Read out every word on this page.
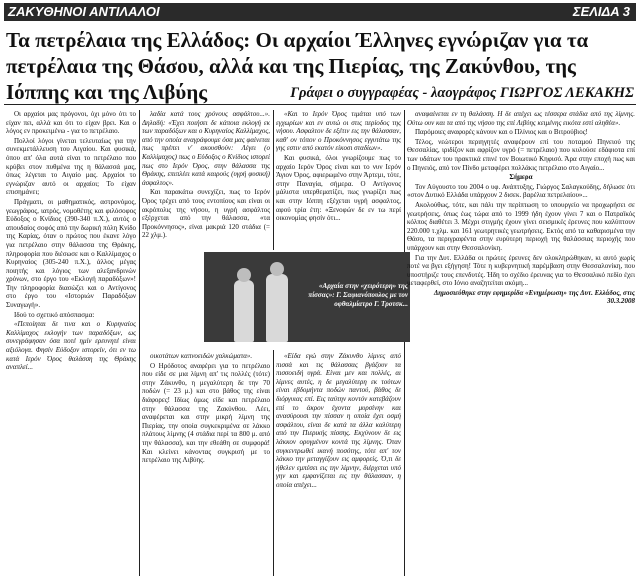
ΖΑΚΥΘΗΝΟΙ ΑΝΤΙΛΑΛΟΙ	ΣΕΛΙΔΑ 3
Τα πετρέλαια της Ελλάδος: Οι αρχαίοι Έλληνες εγνώριζαν για τα πετρέλαια της Θάσου, αλλά και της Πιερίας, της Ζακύνθου, της Ιόππης και της Λιβύης	Γράφει ο συγγραφέας - λαογράφος ΓΙΩΡΓΟΣ ΛΕΚΑΚΗΣ

Οι αρχαίοι μας πρόγονοι, όχι μόνο ότι το είχαν πει, αλλά και ότι το είχαν βρει. Και ο λόγος εν προκειμένω - για το πετρέλαιο.

Πολλοί λόγοι γίνεται τελευταίως για την συνεκμετάλλευση του Αιγαίου. Και φυσικά, όπου απ' όλα αυτά είναι το πετρέλαιο που κρύβει στον πυθμένα της η θάλασσά μας, όπως λέγεται το Αιγαίο μας. Αρχαίοι το εγνώριζαν αυτό οι αρχαίοι; Το είχαν επισημάνει;

Πράγματι, οι μαθηματικός, αστρονόμος, γεωγράφος, ιατρός, νομοθέτης και φιλόσοφος Εύδοξος ο Κνίδιος (390-340 π.Χ.), αυτός ο απουδαίος σοφός από την δωρική πόλη Κνίδο της Καρίας, όταν ο πρώτος που έκανε λόγο για πετρέλαιο στην θάλασσα της Θράκης, πληροφορία που διέσωσε και ο Καλλίμαχος ο Κυρηναίος (305-240 π.Χ.), άλλος μέγας ποιητής και λόγιος των αλεξανδρινών χρόνων, στο έργο του «Εκλογή παραδόξων»! Την πληροφορία διασώζει και ο Αντίγονος στο έργο του «Ιστοριών Παραδόξων Συναγωγή».

Ιδού το σχετικό απόσπασμα:

«Πεποίηται δε τινα και ο Κυρηναίος Καλλίμαχος εκλογήν των παραδόξων, ως συνεγράφησαν όσα ποτέ ημίν ερευνητέ είναι αξιόλογα. Φησίν Εύδοξον ιστορείν, ότι εν τω κατά Ιερόν Όρος θαλάσση της Θράκης αναπλεί...

λαδία κατά τους χρόνους ασφάλτου...». Δηλαδή: «Έχει ποιήσει δε κάποια εκλογή εκ των παραδόξων και ο Κυρηναίος Καλλίμαχος, από την οποία αναγράφουμε όσα μας φαίνεται πως πρέπει ν' ακουσθούν: Λέγει (ο Καλλίμαχος) πως ο Εύδοξος ο Κνίδιος ιστορεί πως στο Ιερόν Όρος, στην θάλασσα της Θράκης, επιπλέει κατά καιρούς (υγρή φυσική) άσφαλτος».

Και παρακάτω συνεχίζει, πως το Ιερόν Όρος τρέχει από τους εντοπίους και είναι οι ακρόπολις της νήσου, η υγρή ασφάλτος εξέρχεται από την θάλασσα, «τα Προκόννησος», είναι μακριά 120 στάδια (= 22 χλμ.).

«Και το Ιερόν Όρος τιμάται υπό των εγχωρίων και εν αυτώ οι στις περίοδος της νήσου. Ασφαλτον δε εξέτιν εις την θάλασσαν, καθ' ον τόπον ο Προκόννησος εγγυτάτω της γης εστιν από εκατόν είκοσι σταδίων».

Και φυσικά, όλοι γνωρίζουμε πως το αρχαίο Ιερόν Όρος είναι και το νυν Ιερόν Άγιον Όρος, αφιερωμένο στην Άρτεμι, τότε, στην Παναγία, σήμερα. Ο Αντίγονος μάλιστα υπερθεματίζει, πως γνωρίζει πως και στην Ιόππη εξέχεται υγρή ασφαλτος, αφού τρία έτη: «Ξενοφών δε εν τω περί οικονομίας φησίν ότι...

«Αρχαία στην «χειρότερη» της πίσσας»: Γ. Σαφιανόπουλος με τον οφθαλμίατρο Γ. Τροτσκ...

οικοτάτων καπνοειδών χαλκώματα».

Ο Ηρόδοτος αναφέρει για το πετρέλαιο που είδε σε μια λίμνη απ' τις πολλές (τότε) στην Ζάκυνθο, η μεγαλύτερη δε την 70 ποδών (= 23 μ.) και στο βάθος της είναι διάφορες! Ιδίως όμως είδε και πετρέλαιο στην θάλασσα της Ζακύνθου. Λέει, αναφέρεται και στην μικρή λίμνη της Πιερίας, την οποία συγκεκριμένα σε λάκκο πλάτους λίμνης (4 στάδια περί τα 800 μ. από την θάλασσα), και την εθεάθη σε συμφορά! Και κλείνει κάνοντας συγκρισή με το πετρέλαιο της Λιβύης.

«Είδα εγώ στην Ζάκυνθο λίμνες από πισσά και τις θάλασσας βγάζουν τα πισσοειδή υγρά. Είναι μεν και πολλές, αι λίμνες αυτές, η δε μεγαλύτερη εκ τούτων είναι εβδομήντα ποδών παντού, βάθος δε διόργυιας επί. Εις ταύτην κοντόν κατεβάζουν επί το άκρον έχοντα μυρσίνην και ανασύρουσι την πίσσαν η οποία έχει οσμή ασφάλτου, είναι δε κατά τα άλλα καλύτερη από την Πιερικής πίσσης. Εκχύνουν δε εις λάκκον ορυγμένον κοντά της λίμνης. Όταν συγκεντρωθεί ικανή ποσότης, τότε απ' τον λάκκο την μεταγγίζουν εις αμφορείς. Ό,τι δε ήθελεν εμπέσει εις την λίμνην, διέρχεται υπό γην και εμφανίζεται εις την θάλασσαν, η οποία απέχει...

αναφαίνεται εν τη θαλάσση. Η δε απέχει ως τέσσερα στάδια από της λίμνης. Ούτω ουν και τα από της νήσου της επί Λιβύης κειμένης εικότα εστί αληθέα».

Παρόμοιες αναφορές κάνουν και ο Πλίνιος και ο Βιτρούβιος!

Τέλος, νεώτεροι περιηγητές αναφέρουν επί του ποταμού Πηνειού της Θεσσαλίας, ιριδίζον και αφρίζον υγρό (= πετρέλαιο) που κυλούσε εδάφιοτα επί των υδάτων του πρακτικά επινέ τον Βοιωτικό Κηφισό. Άρα στην εποχή πως και ο Πηνειός, από τον Πίνδο μεταφέρει πολλάκις πετρέλαιο στο Αιγαίο...

Σήμερα

Τον Αύγουστο του 2004 ο υφ. Ανάπτυξης, Γιώργος Σαλαγκούδης, δήλωσε ότι «στον Δυτικό Ελλάδα υπάρχουν 2 δισεκ. βαρέλια πετρελαίου»...

Ακολούθως, τότε, και πάλι την περίπτωση το υπουργείο να προχωρήσει σε γεωτρήσεις, όπως έως τώρα από το 1999 ήδη έχουν γίνει 7 και ο Πατραϊκός κόλπος διαθέτει 3. Μέχρι στιγμής έχουν γίνει σεισμικές έρευνες που καλύπτουν 220.000 τ.χλμ. και 161 γεωτρητικές γεωτρήσεις. Εκτός από τα καθαρισμένα την Θάσο, τα περιγραφέντα στην ευρύτερη περιοχή της θαλάσσιας περιοχής που υπάρχουν και στην Θεσσαλονίκη.

Για την Δυτ. Ελλάδα οι πρώτες έρευνες δεν ολοκληρώθηκαν, κι αυτό χωρίς ποτέ να βγει εξήγηση! Τότε η κυβερνητική παρέμβαση στην Θεσσαλονίκη, που υποστήριζε τους επενδυτές. Ήδη το σχέδιο έρευνας για το Θεσσαλικό πεδίο έχει μεταφερθεί, στο Ιόνιο αναζητείται ακόμη...

Δημοσιεύθηκε στην εφημερίδα «Ενημέρωση» της Δυτ. Ελλάδος, στις 30.3.2008
